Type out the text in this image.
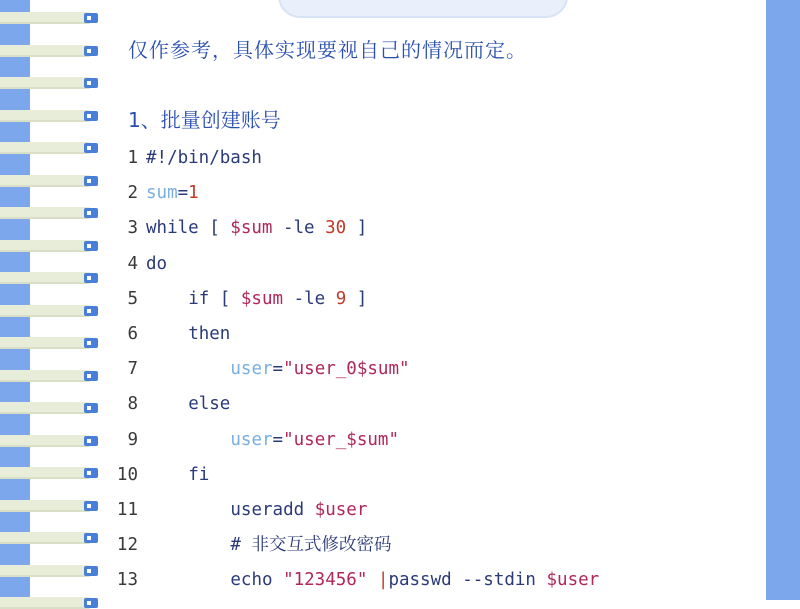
仅作参考，具体实现要视自己的情况而定。
1、批量创建账号
1 #!/bin/bash
2 sum=1
3 while [ $sum -le 30 ]
4 do
5	if [ $sum -le 9 ]
6	then
7	user="user_0$sum"
8	else
9	user="user_$sum"
10	fi
11	useradd $user
12	# 非交互式修改密码
13	echo "123456" |passwd --stdin $user
